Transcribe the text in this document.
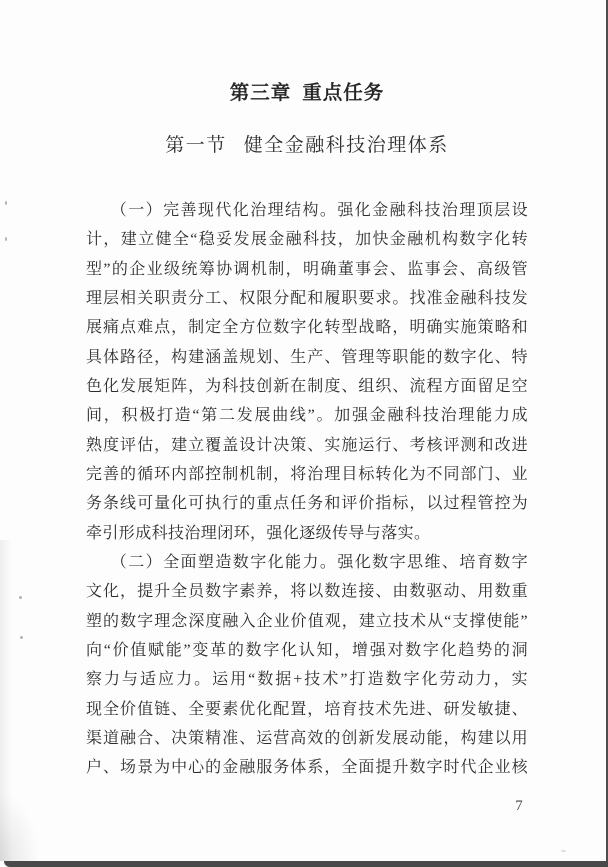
第三章 重点任务
第一节 健全金融科技治理体系
（一）完善现代化治理结构。强化金融科技治理顶层设
计，建立健全“稳妥发展金融科技，加快金融机构数字化转
型”的企业级统筹协调机制，明确董事会、监事会、高级管
理层相关职责分工、权限分配和履职要求。找准金融科技发
展痛点难点，制定全方位数字化转型战略，明确实施策略和
具体路径，构建涵盖规划、生产、管理等职能的数字化、特
色化发展矩阵，为科技创新在制度、组织、流程方面留足空
间，积极打造“第二发展曲线”。加强金融科技治理能力成
熟度评估，建立覆盖设计决策、实施运行、考核评测和改进
完善的循环内部控制机制，将治理目标转化为不同部门、业
务条线可量化可执行的重点任务和评价指标，以过程管控为
牵引形成科技治理闭环，强化逐级传导与落实。
（二）全面塑造数字化能力。强化数字思维、培育数字
文化，提升全员数字素养，将以数连接、由数驱动、用数重
塑的数字理念深度融入企业价值观，建立技术从“支撑使能”
向“价值赋能”变革的数字化认知，增强对数字化趋势的洞
察力与适应力。运用“数据+技术”打造数字化劳动力，实
现全价值链、全要素优化配置，培育技术先进、研发敏捷、
渠道融合、决策精准、运营高效的创新发展动能，构建以用
户、场景为中心的金融服务体系，全面提升数字时代企业核
7
